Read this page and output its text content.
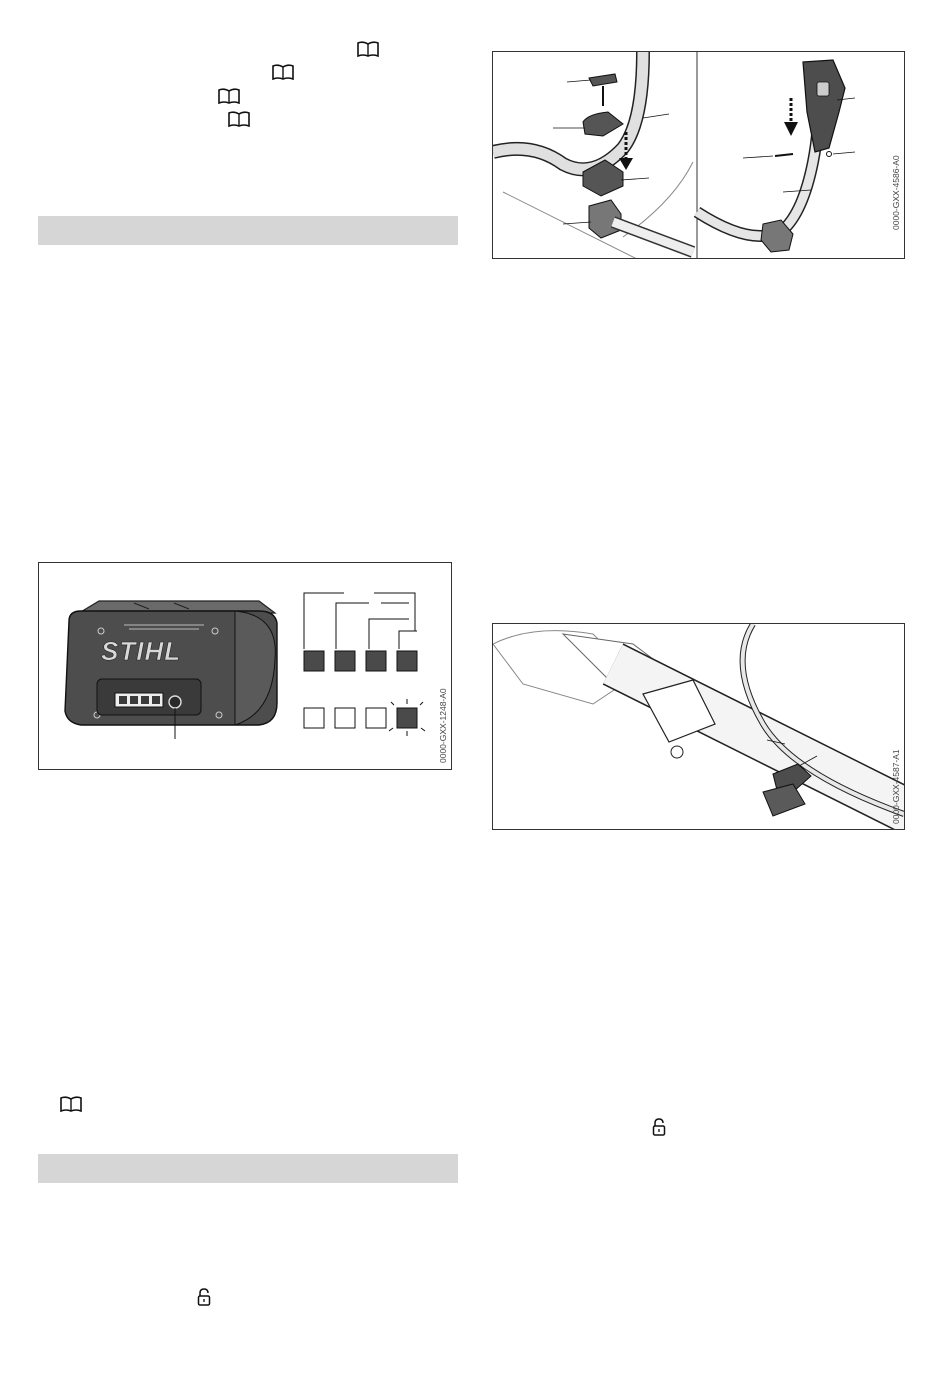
STIHL
0000-GXX-1248-A0
0000-GXX-4586-A0
0000-GXX-4587-A1
